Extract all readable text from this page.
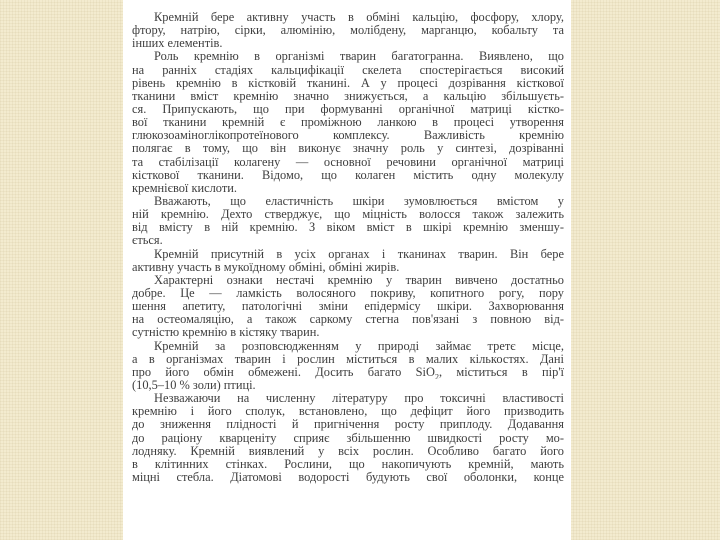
Кремній бере активну участь в обміні кальцію, фосфору, хлору,
фтору, натрію, сірки, алюмінію, молібдену, марганцю, кобальту та
інших елементів.
Роль кремнію в організмі тварин багатогранна. Виявлено, що
на ранніх стадіях кальцифікації скелета спостерігається високий
рівень кремнію в кістковій тканині. А у процесі дозрівання кісткової
тканини вміст кремнію значно знижується, а кальцію збільшуєть-
ся. Припускають, що при формуванні органічної матриці кістко-
вої тканини кремній є проміжною ланкою в процесі утворення
глюкозоаміноглікопротеїнового комплексу. Важливість кремнію
полягає в тому, що він виконує значну роль у синтезі, дозріванні
та стабілізації колагену — основної речовини органічної матриці
кісткової тканини. Відомо, що колаген містить одну молекулу
кремнієвої кислоти.
Вважають, що еластичність шкіри зумовлюється вмістом у
ній кремнію. Дехто стверджує, що міцність волосся також залежить
від вмісту в ній кремнію. З віком вміст в шкірі кремнію зменшу-
ється.
Кремній присутній в усіх органах і тканинах тварин. Він бере
активну участь в мукоїдному обміні, обміні жирів.
Характерні ознаки нестачі кремнію у тварин вивчено достатньо
добре. Це — ламкість волосяного покриву, копитного рогу, пору
шення апетиту, патологічні зміни епідермісу шкіри. Захворювання
на остеомаляцію, а також саркому стегна пов'язані з повною від-
сутністю кремнію в кістяку тварин.
Кремній за розповсюдженням у природі займає третє місце,
а в організмах тварин і рослин міститься в малих кількостях. Дані
про його обмін обмежені. Досить багато SiO$_2$, міститься в пір'ї
(10,5–10 % золи) птиці.
Незважаючи на численну літературу про токсичні властивості
кремнію і його сполук, встановлено, що дефіцит його призводить
до зниження плідності й пригнічення росту приплоду. Додавання
до раціону кварценіту сприяє збільшенню швидкості росту мо-
лодняку. Кремній виявлений у всіх рослин. Особливо багато його
в клітинних стінках. Рослини, що накопичують кремній, мають
міцні стебла. Діатомові водорості будують свої оболонки, конце
